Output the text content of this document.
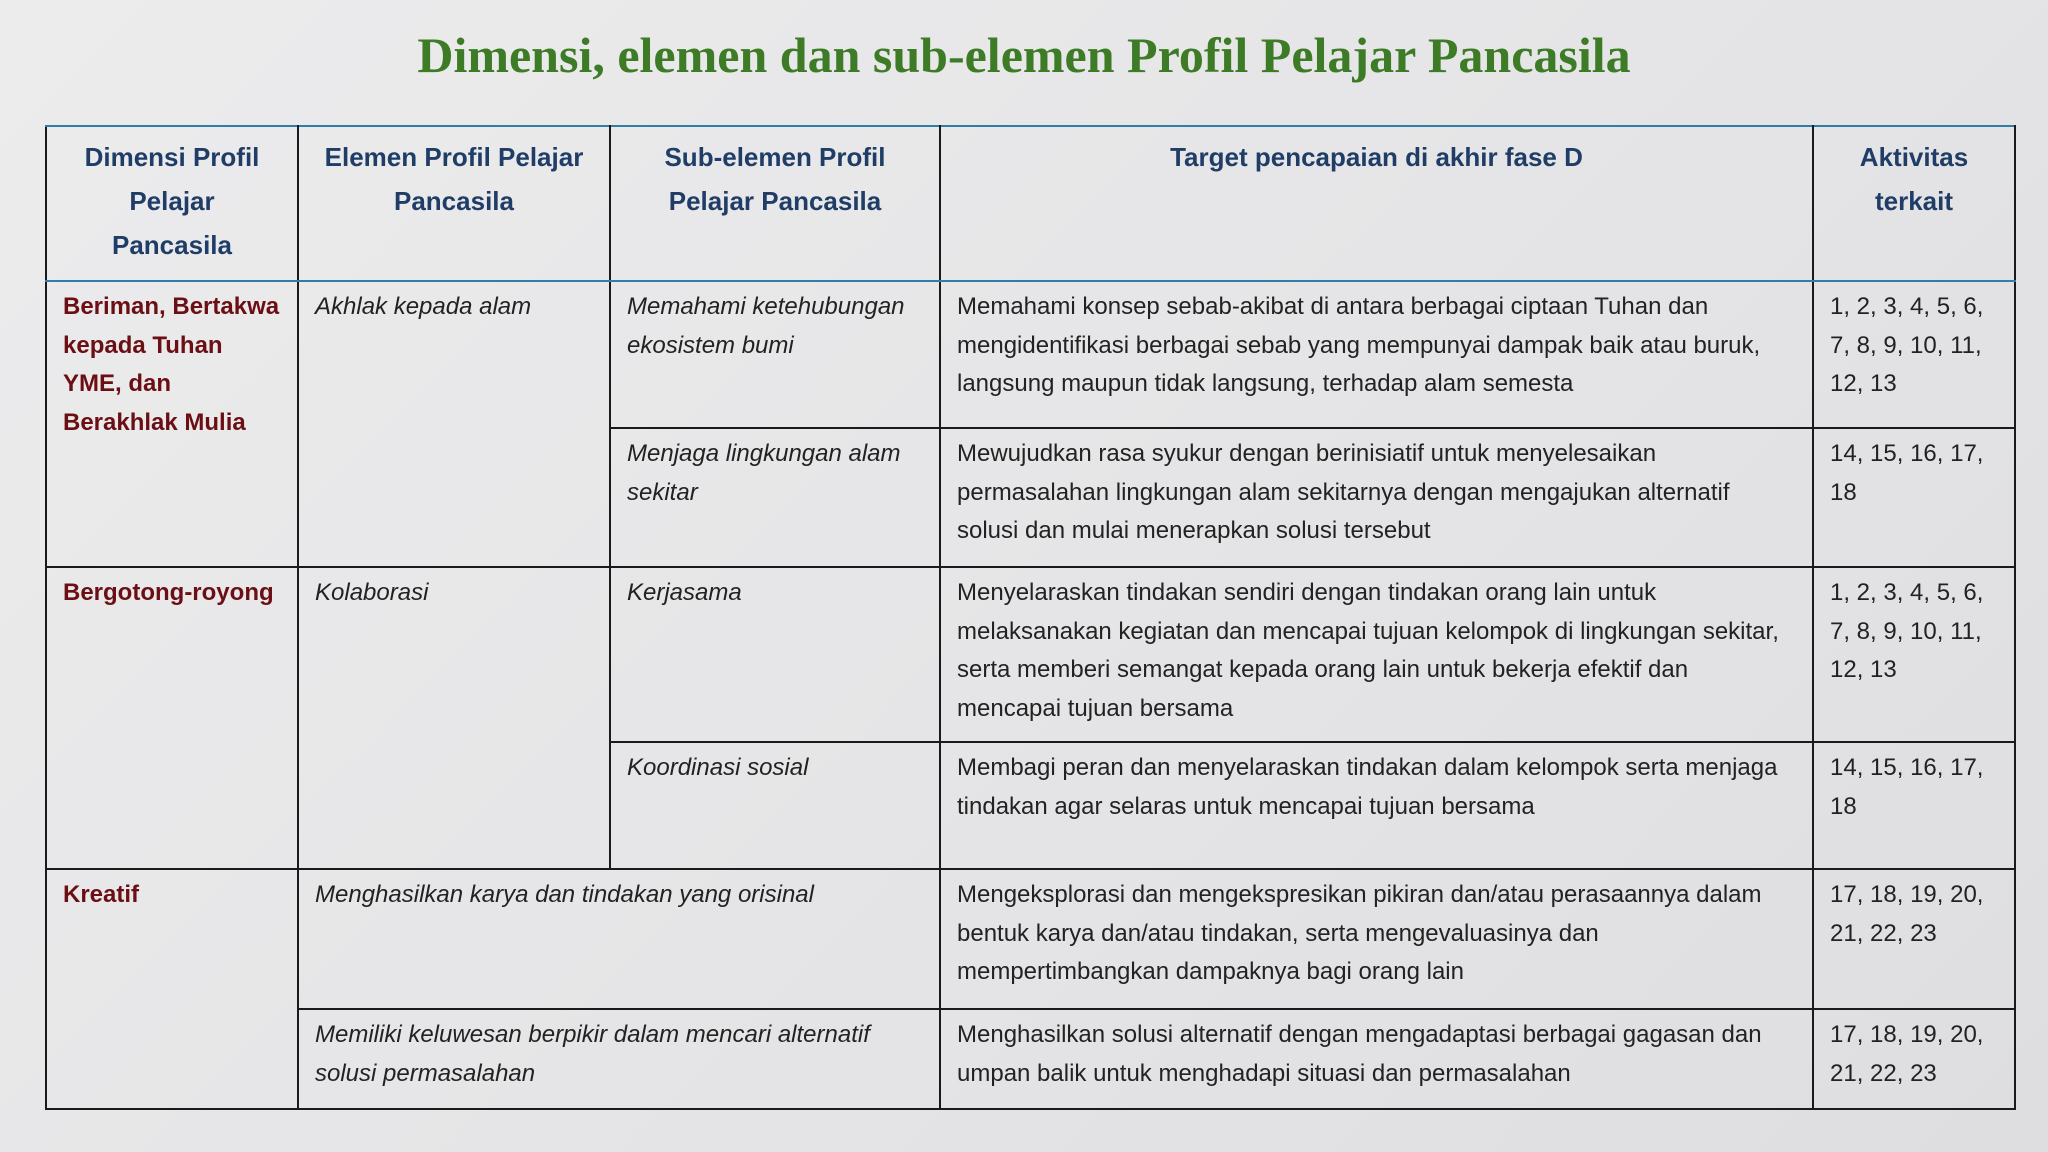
Dimensi, elemen dan sub-elemen Profil Pelajar Pancasila
Dimensi Profil Pelajar Pancasila	Elemen Profil Pelajar Pancasila	Sub-elemen Profil Pelajar Pancasila	Target pencapaian di akhir fase D	Aktivitas terkait
Beriman, Bertakwa kepada Tuhan YME, dan Berakhlak Mulia	Akhlak kepada alam	Memahami ketehubungan ekosistem bumi	Memahami konsep sebab-akibat di antara berbagai ciptaan Tuhan dan mengidentifikasi berbagai sebab yang mempunyai dampak baik atau buruk, langsung maupun tidak langsung, terhadap alam semesta	1, 2, 3, 4, 5, 6, 7, 8, 9, 10, 11, 12, 13
		Menjaga lingkungan alam sekitar	Mewujudkan rasa syukur dengan berinisiatif untuk menyelesaikan permasalahan lingkungan alam sekitarnya dengan mengajukan alternatif solusi dan mulai menerapkan solusi tersebut	14, 15, 16, 17, 18
Bergotong-royong	Kolaborasi	Kerjasama	Menyelaraskan tindakan sendiri dengan tindakan orang lain untuk melaksanakan kegiatan dan mencapai tujuan kelompok di lingkungan sekitar, serta memberi semangat kepada orang lain untuk bekerja efektif dan mencapai tujuan bersama	1, 2, 3, 4, 5, 6, 7, 8, 9, 10, 11, 12, 13
		Koordinasi sosial	Membagi peran dan menyelaraskan tindakan dalam kelompok serta menjaga tindakan agar selaras untuk mencapai tujuan bersama	14, 15, 16, 17, 18
Kreatif	Menghasilkan karya dan tindakan yang orisinal		Mengeksplorasi dan mengekspresikan pikiran dan/atau perasaannya dalam bentuk karya dan/atau tindakan, serta mengevaluasinya dan mempertimbangkan dampaknya bagi orang lain	17, 18, 19, 20, 21, 22, 23
	Memiliki keluwesan berpikir dalam mencari alternatif solusi permasalahan		Menghasilkan solusi alternatif dengan mengadaptasi berbagai gagasan dan umpan balik untuk menghadapi situasi dan permasalahan	17, 18, 19, 20, 21, 22, 23
